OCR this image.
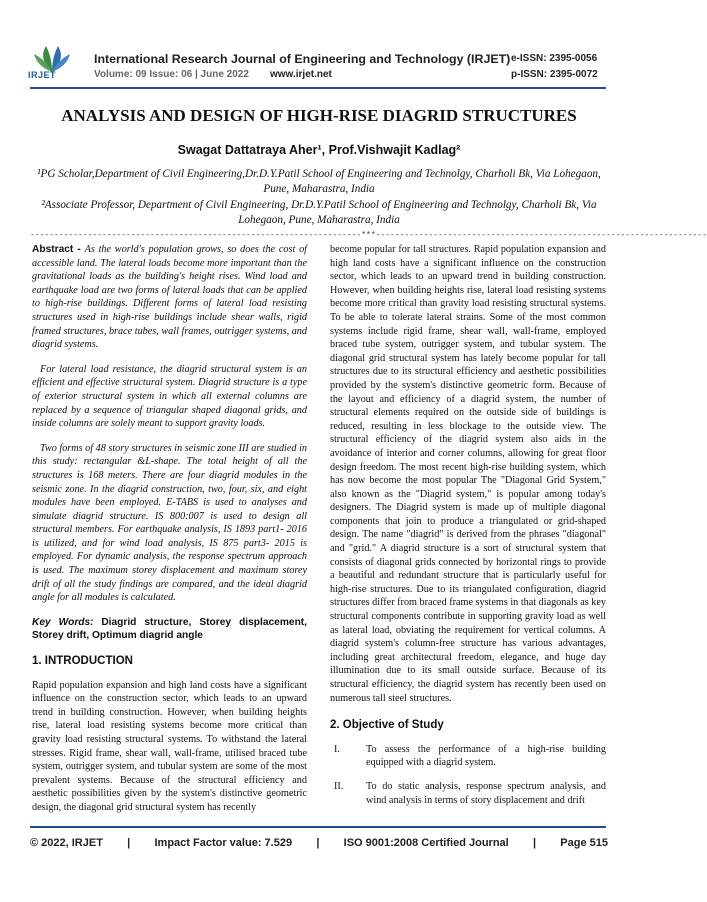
IRJET
International Research Journal of Engineering and Technology (IRJET)
Volume: 09 Issue: 06 | June 2022 www.irjet.net
e-ISSN: 2395-0056
p-ISSN: 2395-0072
ANALYSIS AND DESIGN OF HIGH-RISE DIAGRID STRUCTURES
Swagat Dattatraya Aher¹, Prof.Vishwajit Kadlag²
¹PG Scholar,Department of Civil Engineering,Dr.D.Y.Patil School of Engineering and Technolgy, Charholi Bk, Via Lohegaon, Pune, Maharastra, India
²Associate Professor, Department of Civil Engineering, Dr.D.Y.Patil School of Engineering and Technolgy, Charholi Bk, Via Lohegaon, Pune, Maharastra, India
---------------------------------------------------------------------***---------------------------------------------------------------------

Abstract - As the world's population grows, so does the cost of accessible land. The lateral loads become more important than the gravitational loads as the building's height rises. Wind load and earthquake load are two forms of lateral loads that can be applied to high-rise buildings. Different forms of lateral load resisting structures used in high-rise buildings include shear walls, rigid framed structures, brace tubes, wall frames, outrigger systems, and diagrid systems.

For lateral load resistance, the diagrid structural system is an efficient and effective structural system. Diagrid structure is a type of exterior structural system in which all external columns are replaced by a sequence of triangular shaped diagonal grids, and inside columns are solely meant to support gravity loads.

Two forms of 48 story structures in seismic zone III are studied in this study: rectangular &L-shape. The total height of all the structures is 168 meters. There are four diagrid modules in the seismic zone. In the diagrid construction, two, four, six, and eight modules have been employed. E-TABS is used to analyses and simulate diagrid structure. IS 800:007 is used to design all structural members. For earthquake analysis, IS 1893 part1- 2016 is utilized, and for wind load analysis, IS 875 part3- 2015 is employed. For dynamic analysis, the response spectrum approach is used. The maximum storey displacement and maximum storey drift of all the study findings are compared, and the ideal diagrid angle for all modules is calculated.

Key Words: Diagrid structure, Storey displacement, Storey drift, Optimum diagrid angle

1. INTRODUCTION

Rapid population expansion and high land costs have a significant influence on the construction sector, which leads to an upward trend in building construction. However, when building heights rise, lateral load resisting systems become more critical than gravity load resisting structural systems. To withstand the lateral stresses. Rigid frame, shear wall, wall-frame, utilised braced tube system, outrigger system, and tubular system are some of the most prevalent systems. Because of the structural efficiency and aesthetic possibilities given by the system's distinctive geometric design, the diagonal grid structural system has recently

become popular for tall structures. Rapid population expansion and high land costs have a significant influence on the construction sector, which leads to an upward trend in building construction. However, when building heights rise, lateral load resisting systems become more critical than gravity load resisting structural systems. To be able to tolerate lateral strains. Some of the most common systems include rigid frame, shear wall, wall-frame, employed braced tube system, outrigger system, and tubular system. The diagonal grid structural system has lately become popular for tall structures due to its structural efficiency and aesthetic possibilities provided by the system's distinctive geometric form. Because of the layout and efficiency of a diagrid system, the number of structural elements required on the outside side of buildings is reduced, resulting in less blockage to the outside view. The structural efficiency of the diagrid system also aids in the avoidance of interior and corner columns, allowing for great floor design freedom. The most recent high-rise building system, which has now become the most popular The "Diagonal Grid System," also known as the "Diagrid system," is popular among today's designers. The Diagrid system is made up of multiple diagonal components that join to produce a triangulated or grid-shaped design. The name "diagrid" is derived from the phrases "diagonal" and "grid." A diagrid structure is a sort of structural system that consists of diagonal grids connected by horizontal rings to provide a beautiful and redundant structure that is particularly useful for high-rise structures. Due to its triangulated configuration, diagrid structures differ from braced frame systems in that diagonals as key structural components contribute in supporting gravity load as well as lateral load, obviating the requirement for vertical columns. A diagrid system's column-free structure has various advantages, including great architectural freedom, elegance, and huge day illumination due to its small outside surface. Because of its structural efficiency, the diagrid system has recently been used on numerous tall steel structures.

2. Objective of Study
I.	To assess the performance of a high-rise building equipped with a diagrid system.
II.	To do static analysis, response spectrum analysis, and wind analysis in terms of story displacement and drift
© 2022, IRJET | Impact Factor value: 7.529 | ISO 9001:2008 Certified Journal | Page 515
